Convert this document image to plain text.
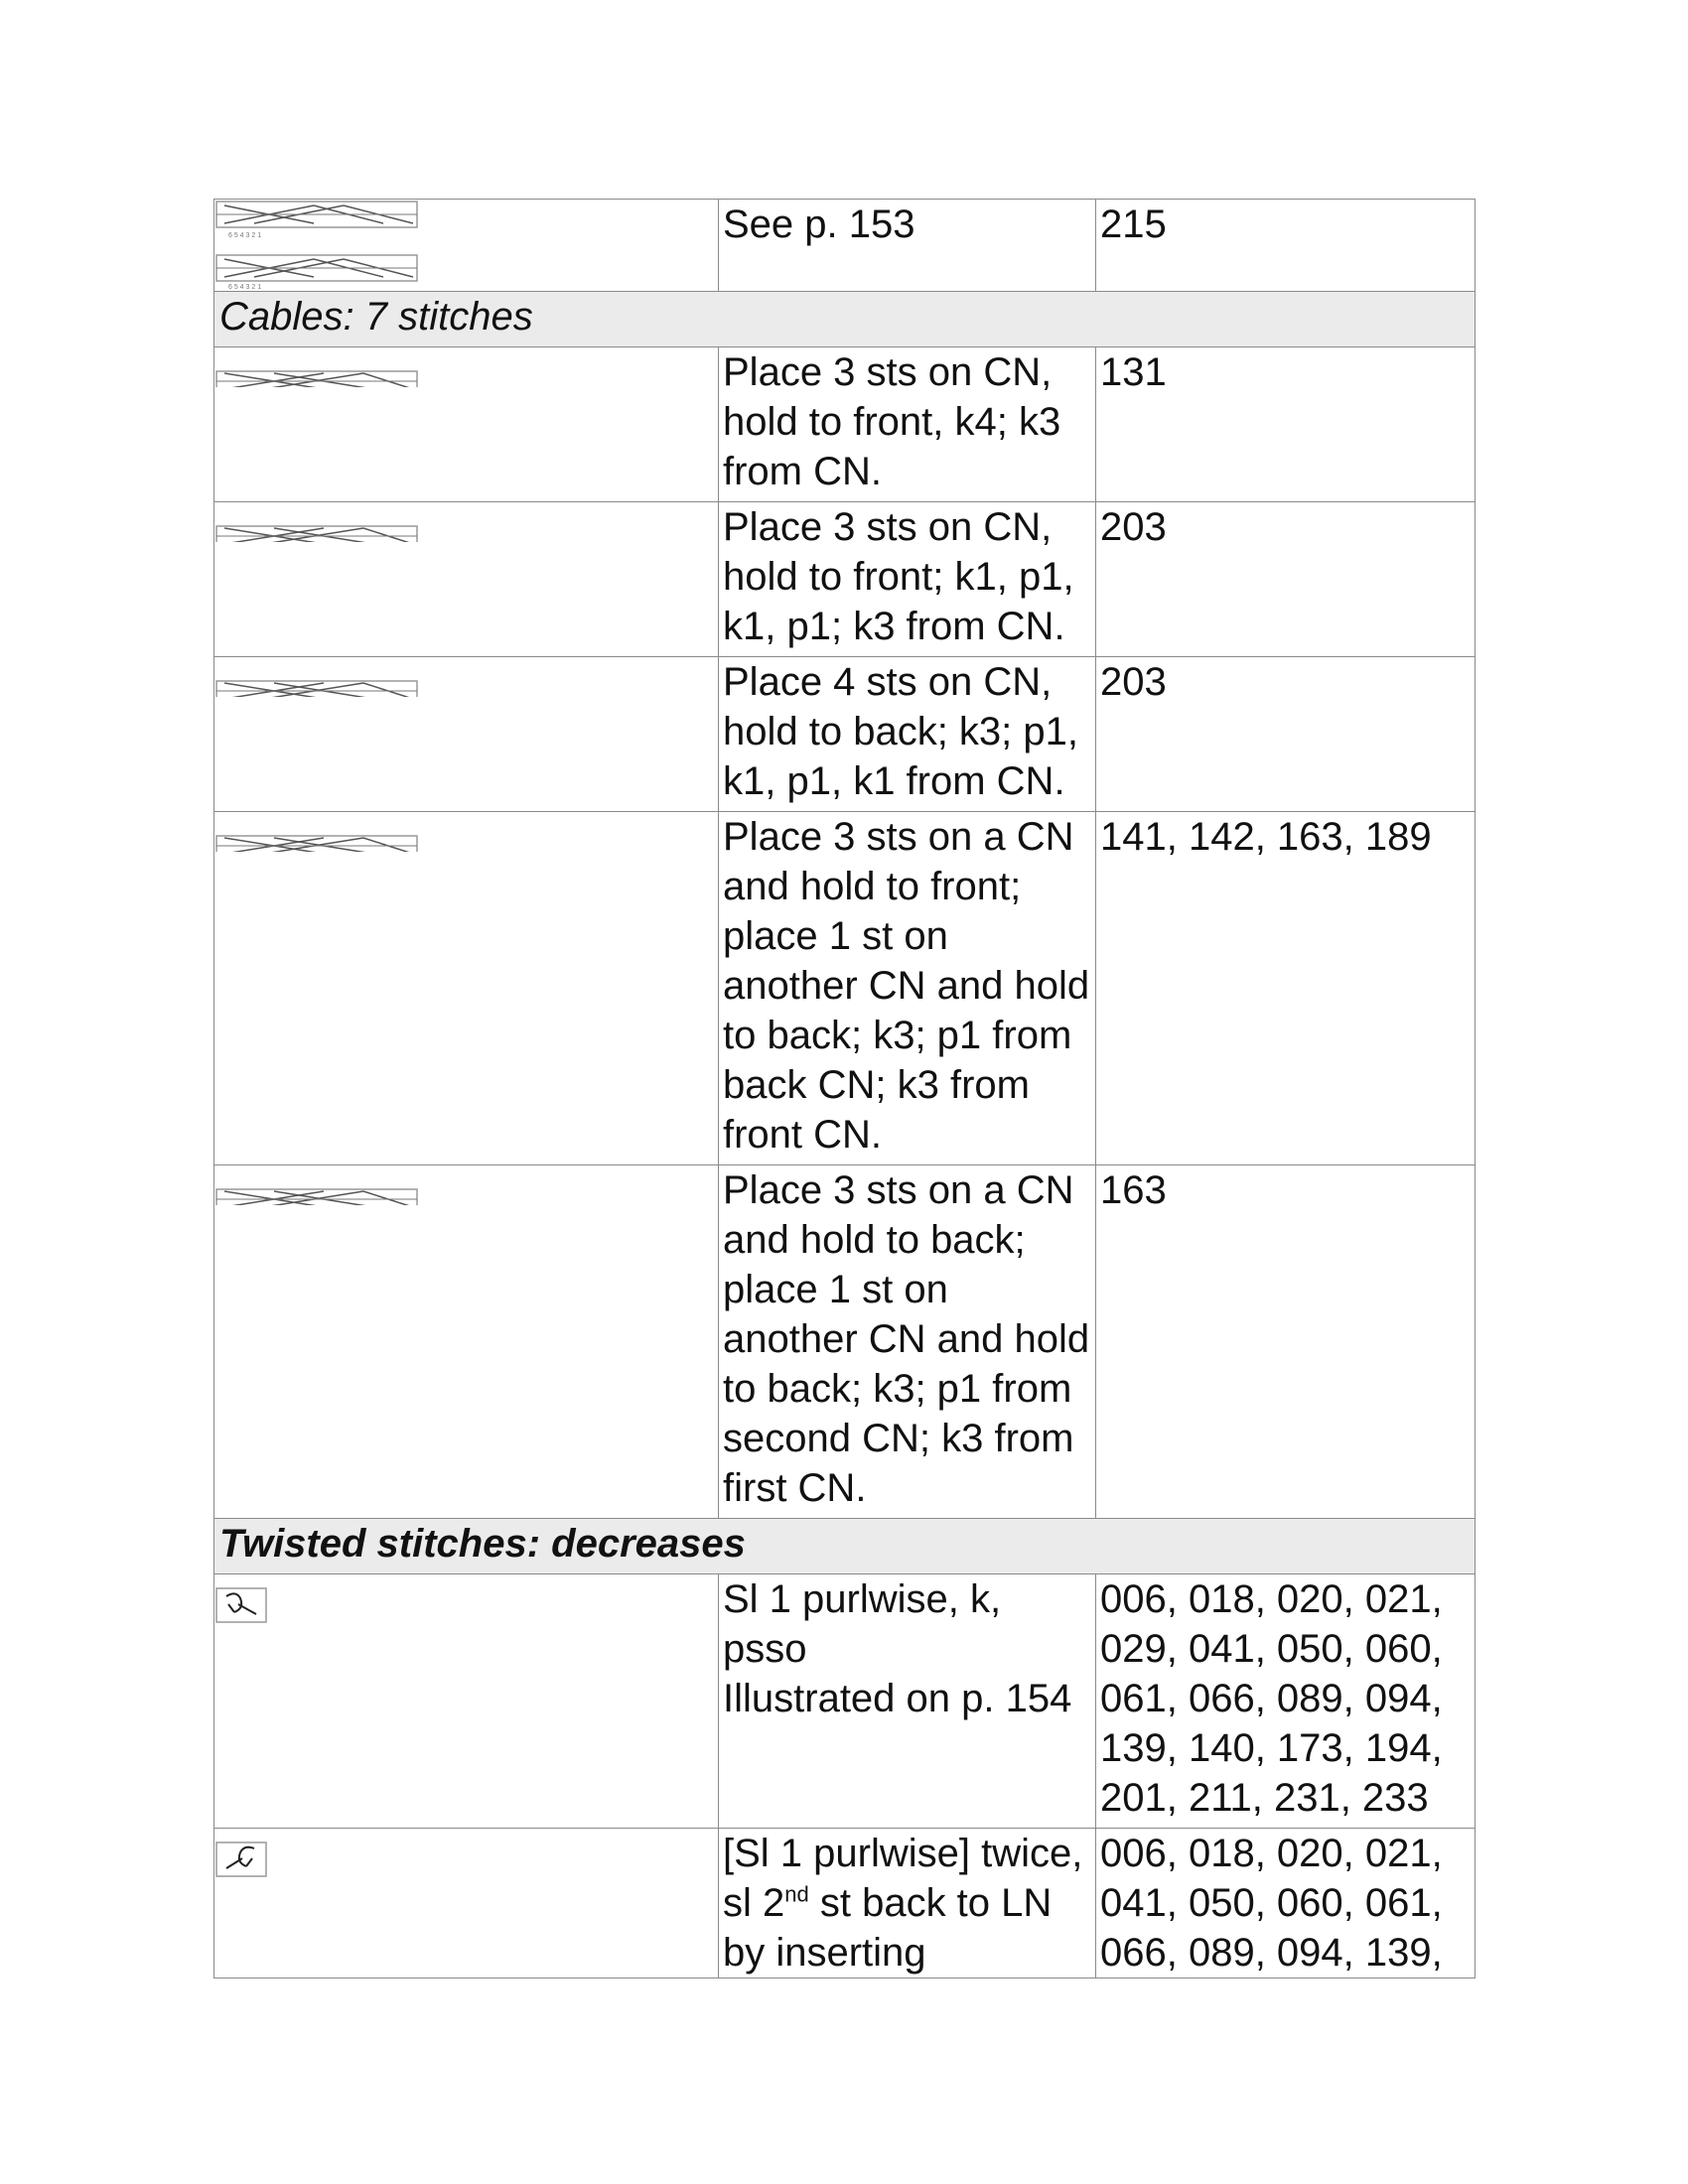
6 5 4 3 2 1
6 5 4 3 2 1	See p. 153	215
Cables: 7 stitches		

	Place 3 sts on CN, hold to front, k4; k3 from CN.	131

	Place 3 sts on CN, hold to front; k1, p1, k1, p1; k3 from CN.	203

	Place 4 sts on CN, hold to back; k3; p1, k1, p1, k1 from CN.	203

	Place 3 sts on a CN and hold to front; place 1 st on another CN and hold to back; k3; p1 from back CN; k3 from front CN.	141, 142, 163, 189

	Place 3 sts on a CN and hold to back; place 1 st on another CN and hold to back; k3; p1 from second CN; k3 from first CN.	163
Twisted stitches: decreases		

	Sl 1 purlwise, k, psso
Illustrated on p. 154	006, 018, 020, 021, 029, 041, 050, 060, 061, 066, 089, 094, 139, 140, 173, 194, 201, 211, 231, 233

	[Sl 1 purlwise] twice, sl 2nd st back to LN by inserting	006, 018, 020, 021, 041, 050, 060, 061, 066, 089, 094, 139,
